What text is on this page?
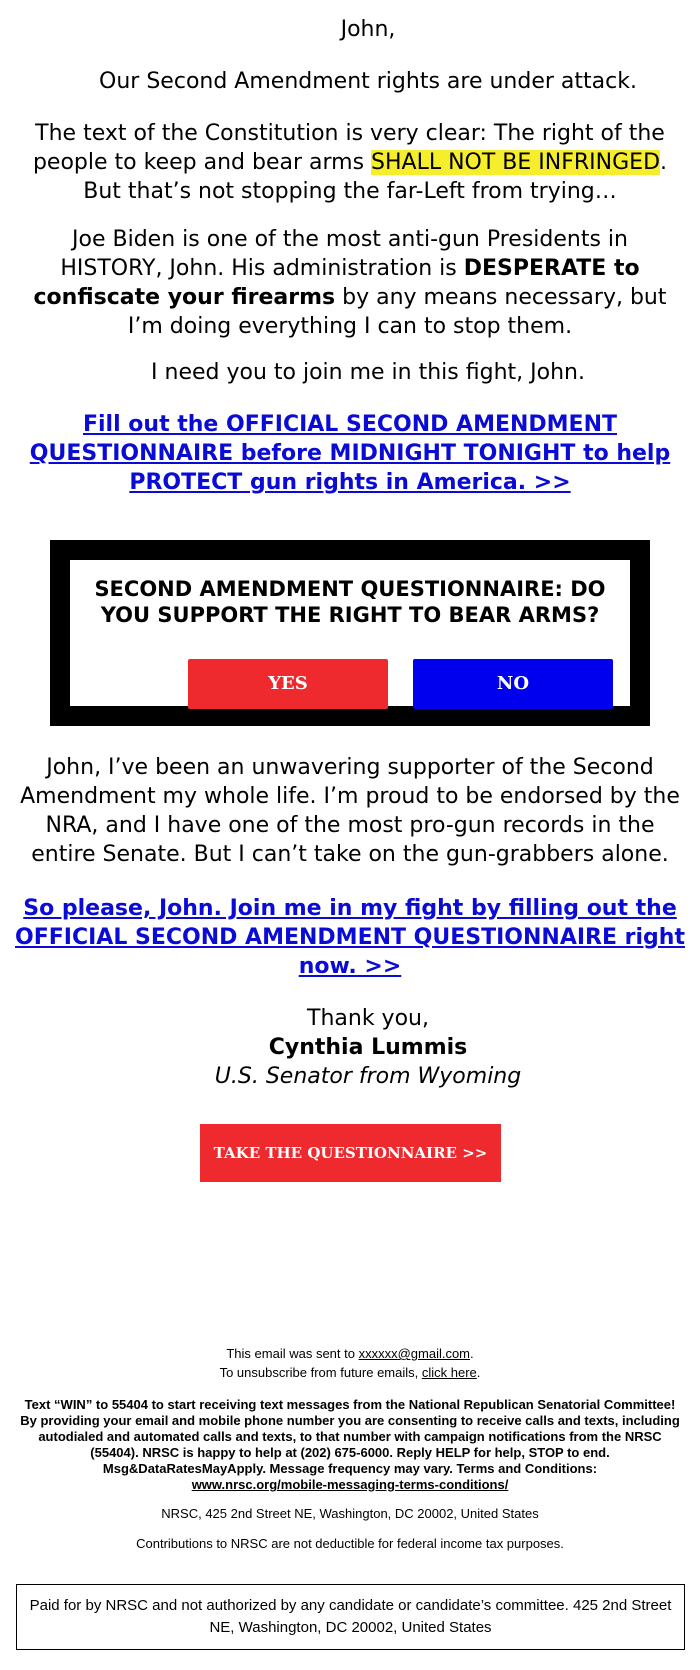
John,

Our Second Amendment rights are under attack.

The text of the Constitution is very clear: The right of the people to keep and bear arms SHALL NOT BE INFRINGED. But that’s not stopping the far-Left from trying…

Joe Biden is one of the most anti-gun Presidents in HISTORY, John. His administration is DESPERATE to confiscate your firearms by any means necessary, but I’m doing everything I can to stop them.

I need you to join me in this fight, John.

Fill out the OFFICIAL SECOND AMENDMENT QUESTIONNAIRE before MIDNIGHT TONIGHT to help PROTECT gun rights in America. >>
SECOND AMENDMENT QUESTIONNAIRE: DO YOU SUPPORT THE RIGHT TO BEAR ARMS?
YES	NO

John, I’ve been an unwavering supporter of the Second Amendment my whole life. I’m proud to be endorsed by the NRA, and I have one of the most pro-gun records in the entire Senate. But I can’t take on the gun-grabbers alone.

So please, John. Join me in my fight by filling out the OFFICIAL SECOND AMENDMENT QUESTIONNAIRE right now. >>

Thank you,

Cynthia Lummis

U.S. Senator from Wyoming

TAKE THE QUESTIONNAIRE >>
This email was sent to xxxxxx@gmail.com.
To unsubscribe from future emails, click here.
Text “WIN” to 55404 to start receiving text messages from the National Republican Senatorial Committee! By providing your email and mobile phone number you are consenting to receive calls and texts, including autodialed and automated calls and texts, to that number with campaign notifications from the NRSC (55404). NRSC is happy to help at (202) 675-6000. Reply HELP for help, STOP to end. Msg&DataRatesMayApply. Message frequency may vary. Terms and Conditions:
www.nrsc.org/mobile-messaging-terms-conditions/
NRSC, 425 2nd Street NE, Washington, DC 20002, United States
Contributions to NRSC are not deductible for federal income tax purposes.
Paid for by NRSC and not authorized by any candidate or candidate’s committee. 425 2nd Street NE, Washington, DC 20002, United States
